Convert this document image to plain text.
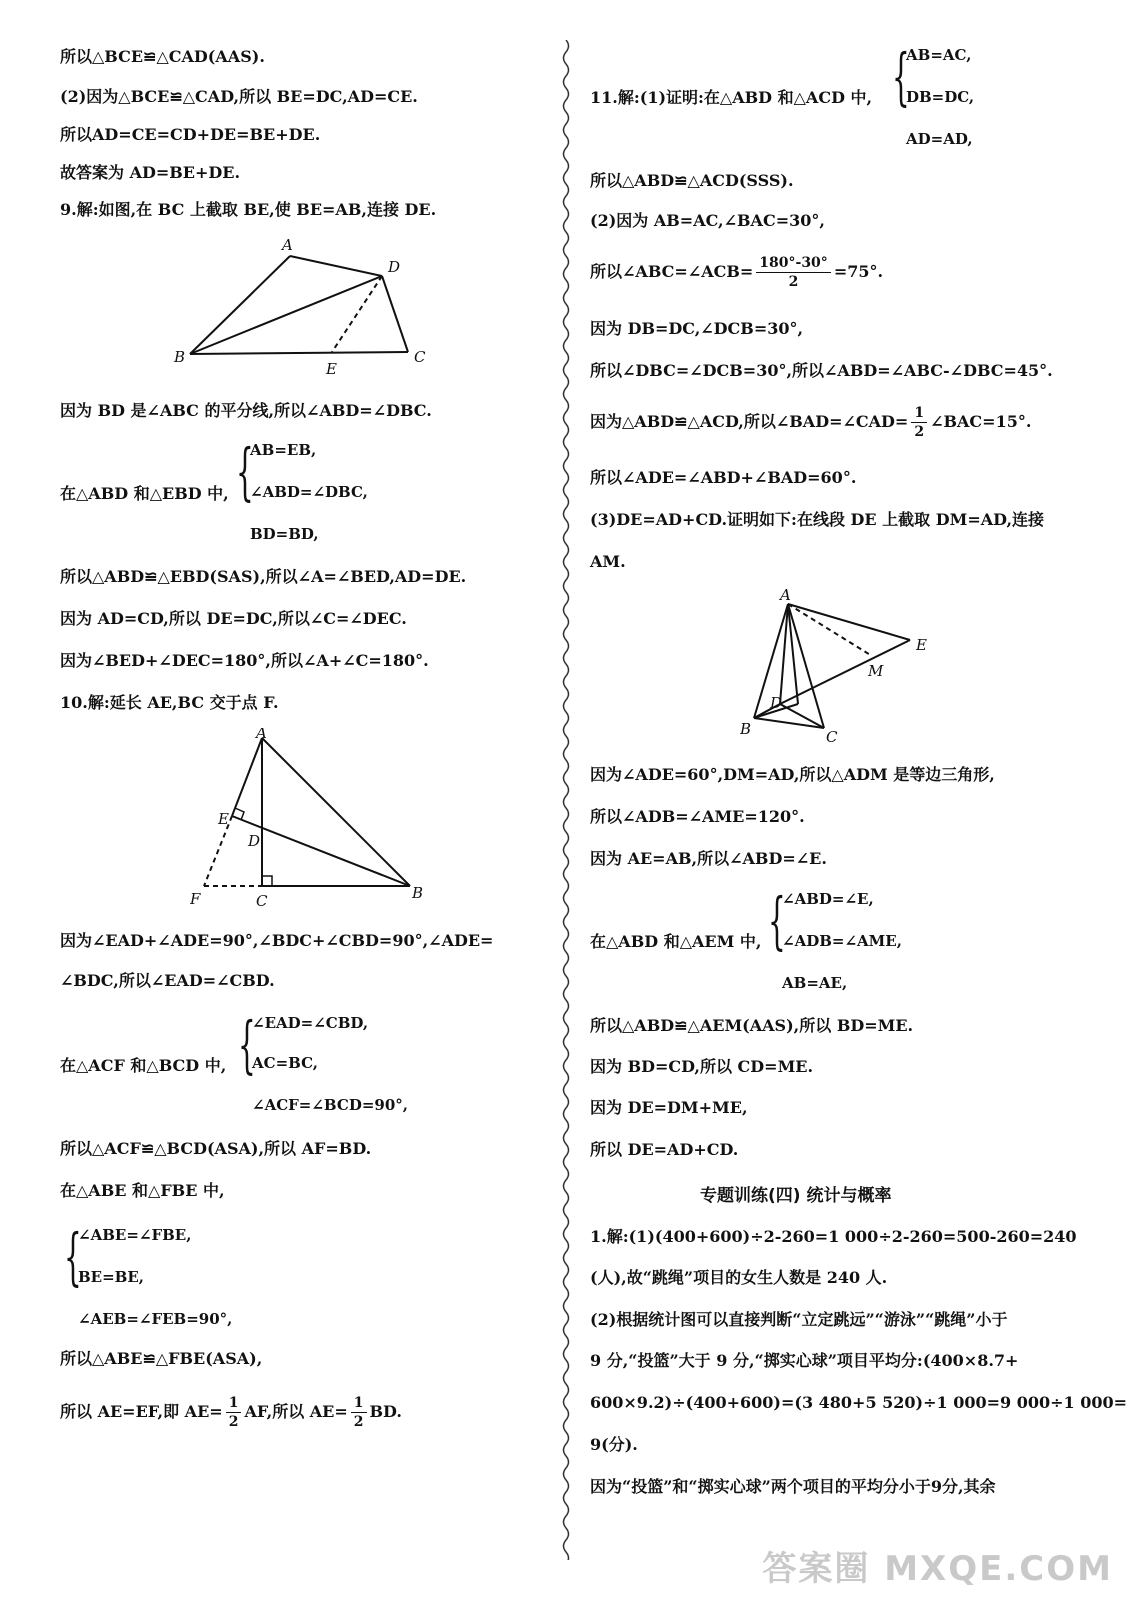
所以△BCE≌△CAD(AAS).
(2)因为△BCE≌△CAD,所以 BE=DC,AD=CE.
所以AD=CE=CD+DE=BE+DE.
故答案为 AD=BE+DE.
9.解:如图,在 BC 上截取 BE,使 BE=AB,连接 DE.
A
D
B
E
C
因为 BD 是∠ABC 的平分线,所以∠ABD=∠DBC.
在△ABD 和△EBD 中, {
AB=EB,
∠ABD=∠DBC,
BD=BD,
所以△ABD≌△EBD(SAS),所以∠A=∠BED,AD=DE.
因为 AD=CD,所以 DE=DC,所以∠C=∠DEC.
因为∠BED+∠DEC=180°,所以∠A+∠C=180°.
10.解:延长 AE,BC 交于点 F.
A
E
D
F	C	B
因为∠EAD+∠ADE=90°,∠BDC+∠CBD=90°,∠ADE=
∠BDC,所以∠EAD=∠CBD.
在△ACF 和△BCD 中, {
∠EAD=∠CBD,
AC=BC,
∠ACF=∠BCD=90°,
所以△ACF≌△BCD(ASA),所以 AF=BD.
在△ABE 和△FBE 中,
{
∠ABE=∠FBE,
BE=BE,
∠AEB=∠FEB=90°,
所以△ABE≌△FBE(ASA),
所以 AE=EF,即 $AE= \frac{1}{2}$ AF,所以 $AE= \frac{1}{2}$ BD.
11.解:(1)证明:在△ABD 和△ACD 中, {
AB=AC,
DB=DC,
AD=AD,
所以△ABD≌△ACD(SSS).
(2)因为 AB=AC,∠BAC=30°,
所以∠ABC=∠ACB= $\frac{180^\circ-30^\circ}{2} =75^\circ$.
因为 DB=DC,∠DCB=30°,
所以∠DBC=∠DCB=30°,所以∠ABD=∠ABC-∠DBC=45°.
因为△ABD≌△ACD,所以∠BAD=∠CAD= $\frac{1}{2}$ ∠BAC=15°.
所以∠ADE=∠ABD+∠BAD=60°.
(3)DE=AD+CD.证明如下:在线段 DE 上截取 DM=AD,连接
AM.
A
E
M
D
B	C
因为∠ADE=60°,DM=AD,所以△ADM 是等边三角形,
所以∠ADB=∠AME=120°.
因为 AE=AB,所以∠ABD=∠E.
在△ABD 和△AEM 中, {
∠ABD=∠E,
∠ADB=∠AME,
AB=AE,
所以△ABD≌△AEM(AAS),所以 BD=ME.
因为 BD=CD,所以 CD=ME.
因为 DE=DM+ME,
所以 DE=AD+CD.
专题训练(四) 统计与概率
1.解:(1)(400+600)÷2-260=1 000÷2-260=500-260=240
(人),故“跳绳”项目的女生人数是 240 人.
(2)根据统计图可以直接判断“立定跳远”“游泳”“跳绳”小于
9 分,“投篮”大于 9 分,“掷实心球”项目平均分:(400×8.7+
600×9.2)÷(400+600)=(3 480+5 520)÷1 000=9 000÷1 000=
9(分).
因为“投篮”和“掷实心球”两个项目的平均分小于9分,其余
答案圈 MXQE.COM
